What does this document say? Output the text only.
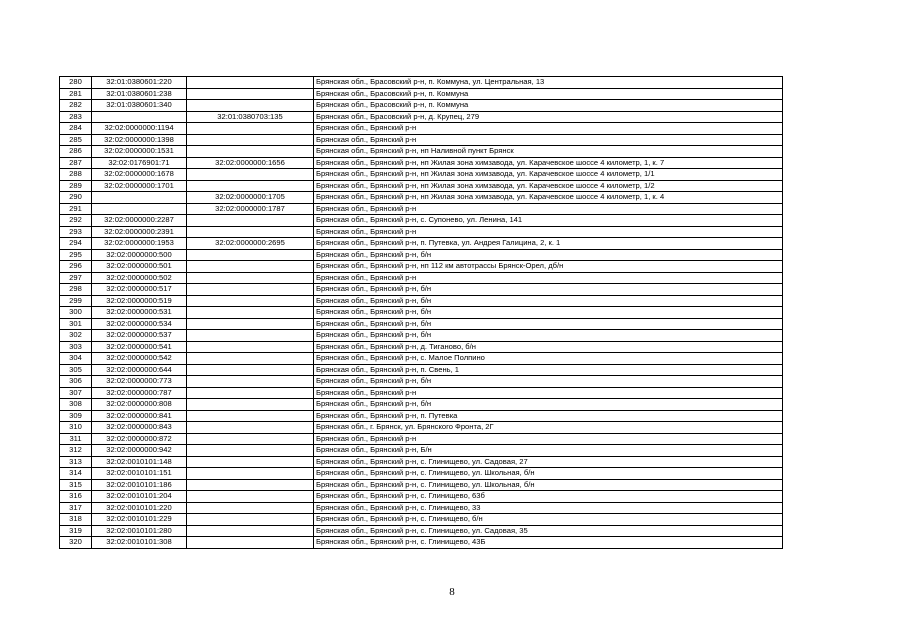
280	32:01:0380601:220		Брянская обл., Брасовский р-н, п. Коммуна, ул. Центральная, 13
281	32:01:0380601:238		Брянская обл., Брасовский р-н, п. Коммуна
282	32:01:0380601:340		Брянская обл., Брасовский р-н, п. Коммуна
283		32:01:0380703:135	Брянская обл., Брасовский р-н, д. Крупец, 279
284	32:02:0000000:1194		Брянская обл., Брянский р-н
285	32:02:0000000:1398		Брянская обл., Брянский р-н
286	32:02:0000000:1531		Брянская обл., Брянский р-н, нп Наливной пункт Брянск
287	32:02:0176901:71	32:02:0000000:1656	Брянская обл., Брянский р-н, нп Жилая зона химзавода, ул. Карачевское шоссе 4 километр, 1, к. 7
288	32:02:0000000:1678		Брянская обл., Брянский р-н, нп Жилая зона химзавода, ул. Карачевское шоссе 4 километр, 1/1
289	32:02:0000000:1701		Брянская обл., Брянский р-н, нп Жилая зона химзавода, ул. Карачевское шоссе 4 километр, 1/2
290		32:02:0000000:1705	Брянская обл., Брянский р-н, нп Жилая зона химзавода, ул. Карачевское шоссе 4 километр, 1, к. 4
291		32:02:0000000:1787	Брянская обл., Брянский р-н
292	32:02:0000000:2287		Брянская обл., Брянский р-н, с. Супонево, ул. Ленина, 141
293	32:02:0000000:2391		Брянская обл., Брянский р-н
294	32:02:0000000:1953	32:02:0000000:2695	Брянская обл., Брянский р-н, п. Путевка, ул. Андрея Галицина, 2, к. 1
295	32:02:0000000:500		Брянская обл., Брянский р-н, б/н
296	32:02:0000000:501		Брянская обл., Брянский р-н, нп 112 км автотрассы Брянск-Орел, дб/н
297	32:02:0000000:502		Брянская обл., Брянский р-н
298	32:02:0000000:517		Брянская обл., Брянский р-н, б/н
299	32:02:0000000:519		Брянская обл., Брянский р-н, б/н
300	32:02:0000000:531		Брянская обл., Брянский р-н, б/н
301	32:02:0000000:534		Брянская обл., Брянский р-н, б/н
302	32:02:0000000:537		Брянская обл., Брянский р-н, б/н
303	32:02:0000000:541		Брянская обл., Брянский р-н, д. Тиганово, б/н
304	32:02:0000000:542		Брянская обл., Брянский р-н, с. Малое Полпино
305	32:02:0000000:644		Брянская обл., Брянский р-н, п. Свень, 1
306	32:02:0000000:773		Брянская обл., Брянский р-н, б/н
307	32:02:0000000:787		Брянская обл., Брянский р-н
308	32:02:0000000:808		Брянская обл., Брянский р-н, б/н
309	32:02:0000000:841		Брянская обл., Брянский р-н, п. Путевка
310	32:02:0000000:843		Брянская обл., г. Брянск, ул. Брянского Фронта, 2Г
311	32:02:0000000:872		Брянская обл., Брянский р-н
312	32:02:0000000:942		Брянская обл., Брянский р-н, Б/н
313	32:02:0010101:148		Брянская обл., Брянский р-н, с. Глинищево, ул. Садовая, 27
314	32:02:0010101:151		Брянская обл., Брянский р-н, с. Глинищево, ул. Школьная, б/н
315	32:02:0010101:186		Брянская обл., Брянский р-н, с. Глинищево, ул. Школьная, б/н
316	32:02:0010101:204		Брянская обл., Брянский р-н, с. Глинищево, 63б
317	32:02:0010101:220		Брянская обл., Брянский р-н, с. Глинищево, 33
318	32:02:0010101:229		Брянская обл., Брянский р-н, с. Глинищево, б/н
319	32:02:0010101:280		Брянская обл., Брянский р-н, с. Глинищево, ул. Садовая, 35
320	32:02:0010101:308		Брянская обл., Брянский р-н, с. Глинищево, 43Б
8
